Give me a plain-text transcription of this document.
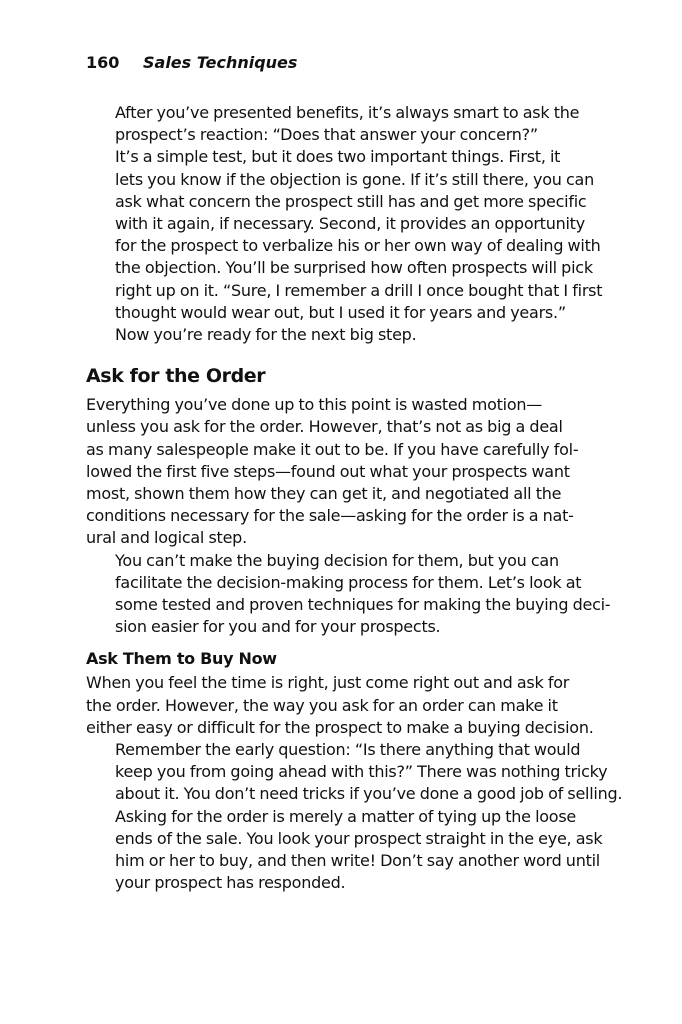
160 Sales Techniques

After you’ve presented benefits, it’s always smart to ask the
prospect’s reaction: “Does that answer your concern?”

It’s a simple test, but it does two important things. First, it
lets you know if the objection is gone. If it’s still there, you can
ask what concern the prospect still has and get more specific
with it again, if necessary. Second, it provides an opportunity
for the prospect to verbalize his or her own way of dealing with
the objection. You’ll be surprised how often prospects will pick
right up on it. “Sure, I remember a drill I once bought that I first
thought would wear out, but I used it for years and years.”

Now you’re ready for the next big step.

Ask for the Order

Everything you’ve done up to this point is wasted motion—
unless you ask for the order. However, that’s not as big a deal
as many salespeople make it out to be. If you have carefully fol-
lowed the first five steps—found out what your prospects want
most, shown them how they can get it, and negotiated all the
conditions necessary for the sale—asking for the order is a nat-
ural and logical step.

You can’t make the buying decision for them, but you can
facilitate the decision-making process for them. Let’s look at
some tested and proven techniques for making the buying deci-
sion easier for you and for your prospects.

Ask Them to Buy Now

When you feel the time is right, just come right out and ask for
the order. However, the way you ask for an order can make it
either easy or difficult for the prospect to make a buying decision.

Remember the early question: “Is there anything that would
keep you from going ahead with this?” There was nothing tricky
about it. You don’t need tricks if you’ve done a good job of selling.

Asking for the order is merely a matter of tying up the loose
ends of the sale. You look your prospect straight in the eye, ask
him or her to buy, and then write! Don’t say another word until
your prospect has responded.
